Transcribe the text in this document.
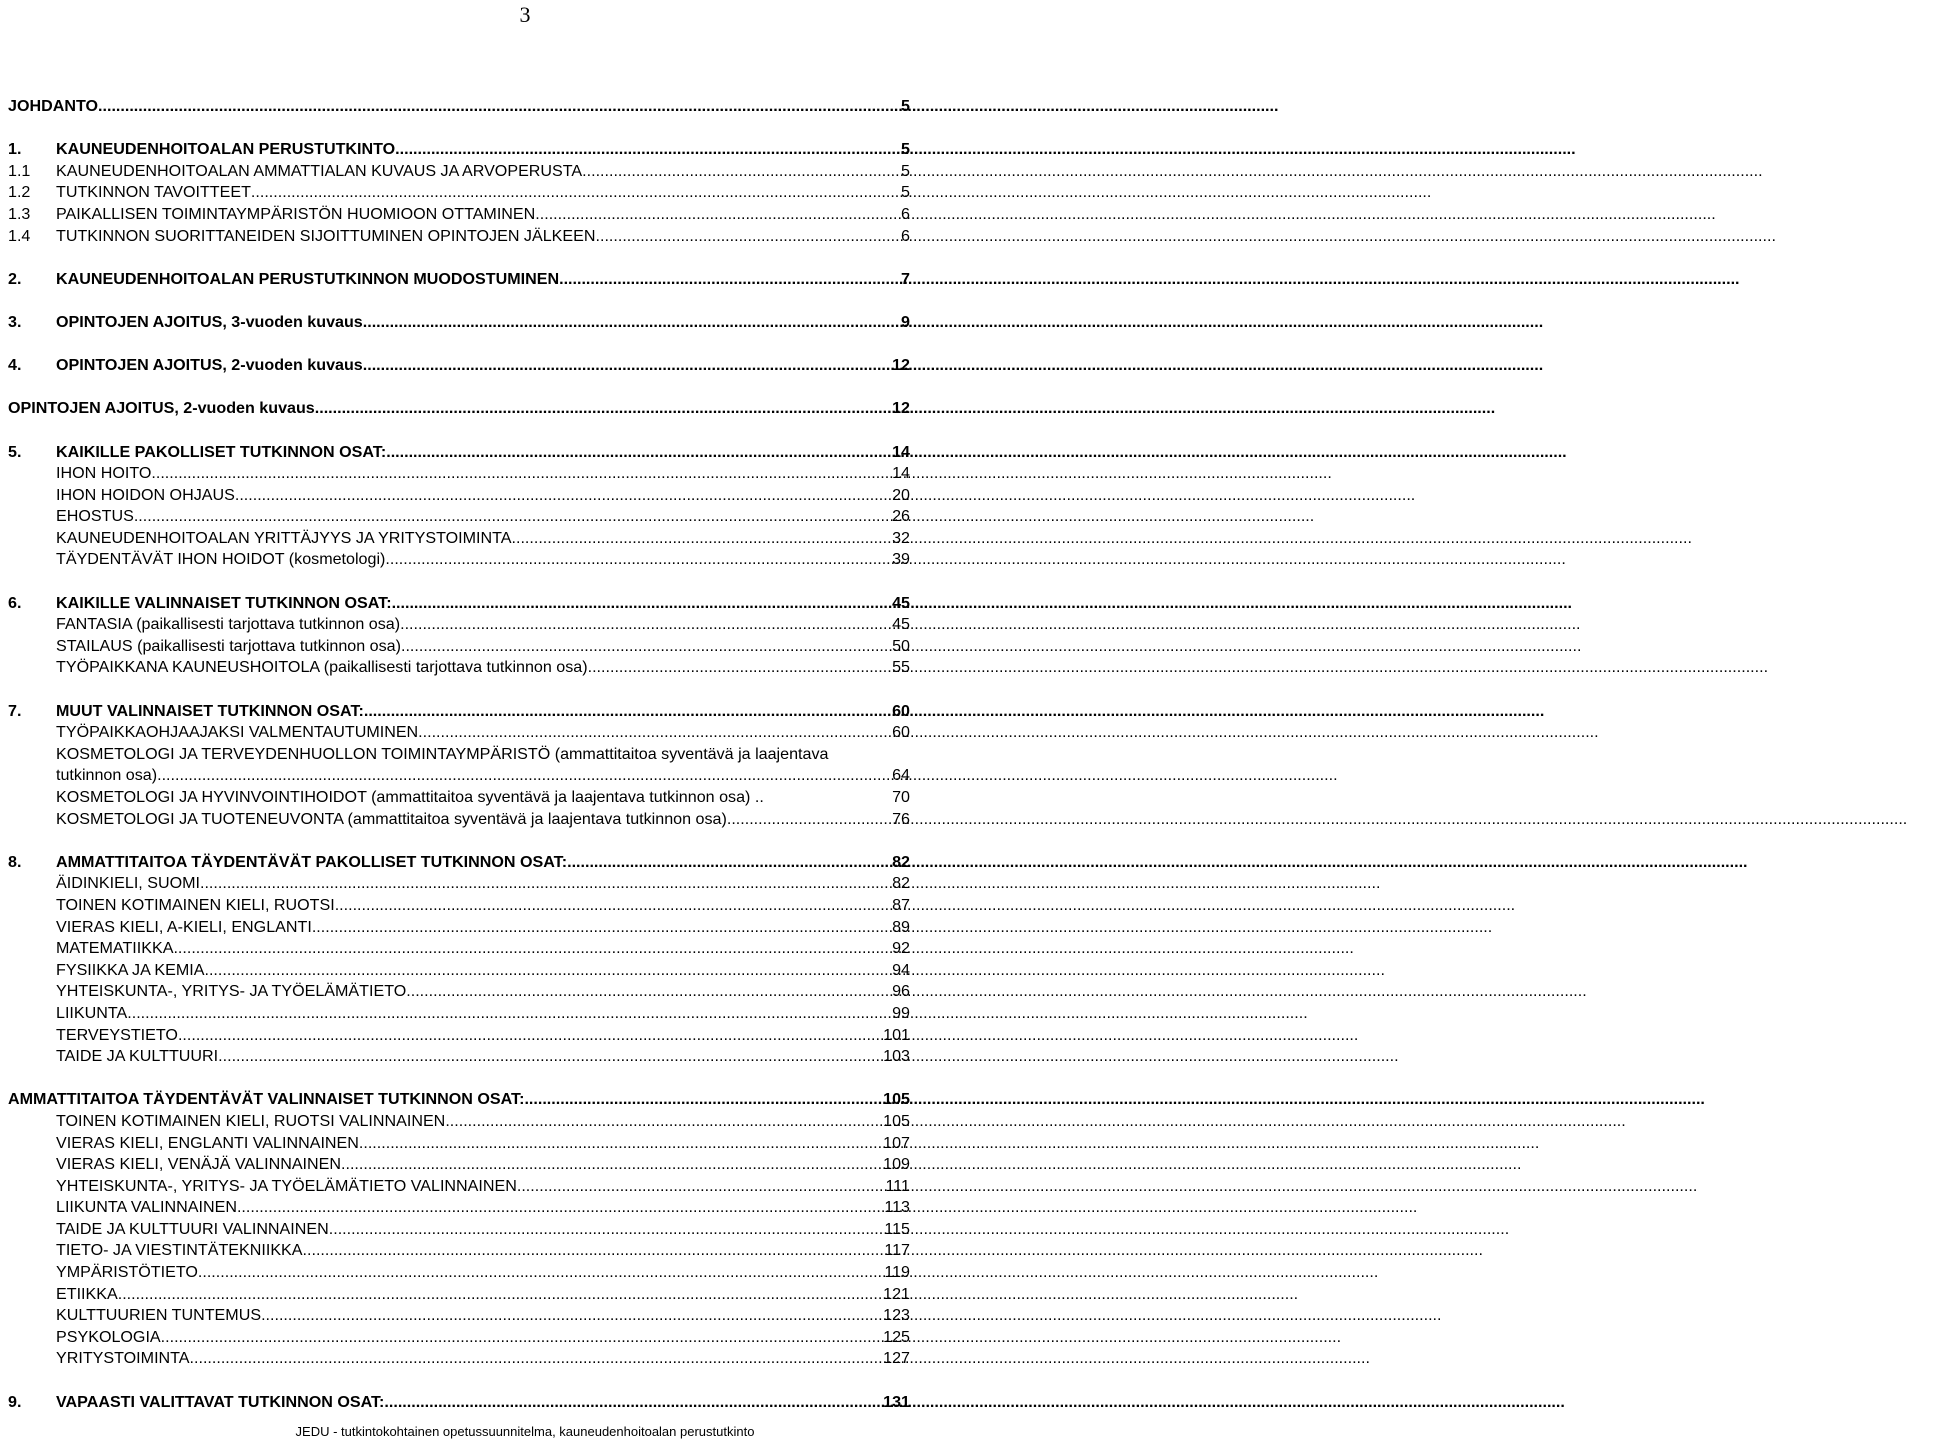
3
JOHDANTO .....	5
1.	KAUNEUDENHOITOALAN PERUSTUTKINTO .....	5
1.1	KAUNEUDENHOITOALAN AMMATTIALAN KUVAUS JA ARVOPERUSTA .....	5
1.2	TUTKINNON TAVOITTEET .....	5
1.3	PAIKALLISEN TOIMINTAYMPÄRISTÖN HUOMIOON OTTAMINEN .....	6
1.4	TUTKINNON SUORITTANEIDEN SIJOITTUMINEN OPINTOJEN JÄLKEEN .....	6
2.	KAUNEUDENHOITOALAN PERUSTUTKINNON MUODOSTUMINEN .....	7
3.	OPINTOJEN AJOITUS, 3-vuoden kuvaus .....	9
4.	OPINTOJEN AJOITUS, 2-vuoden kuvaus .....	12
OPINTOJEN AJOITUS, 2-vuoden kuvaus .....	12
5.	KAIKILLE PAKOLLISET TUTKINNON OSAT: .....	14
IHON HOITO .....	14
IHON HOIDON OHJAUS .....	20
EHOSTUS .....	26
KAUNEUDENHOITOALAN YRITTÄJYYS JA YRITYSTOIMINTA .....	32
TÄYDENTÄVÄT IHON HOIDOT (kosmetologi) .....	39
6.	KAIKILLE VALINNAISET TUTKINNON OSAT: .....	45
FANTASIA (paikallisesti tarjottava tutkinnon osa) .....	45
STAILAUS (paikallisesti tarjottava tutkinnon osa) .....	50
TYÖPAIKKANA KAUNEUSHOITOLA (paikallisesti tarjottava tutkinnon osa) .....	55
7.	MUUT VALINNAISET TUTKINNON OSAT: .....	60
TYÖPAIKKAOHJAAJAKSI VALMENTAUTUMINEN .....	60
KOSMETOLOGI JA TERVEYDENHUOLLON TOIMINTAYMPÄRISTÖ (ammattitaitoa syventävä ja laajentava
tutkinnon osa) .....	64
KOSMETOLOGI JA HYVINVOINTIHOIDOT (ammattitaitoa syventävä ja laajentava tutkinnon osa) ..	70
KOSMETOLOGI JA TUOTENEUVONTA (ammattitaitoa syventävä ja laajentava tutkinnon osa) .....	76
8.	AMMATTITAITOA TÄYDENTÄVÄT PAKOLLISET TUTKINNON OSAT: .....	82
ÄIDINKIELI, SUOMI .....	82
TOINEN KOTIMAINEN KIELI, RUOTSI .....	87
VIERAS KIELI, A-KIELI, ENGLANTI .....	89
MATEMATIIKKA .....	92
FYSIIKKA JA KEMIA .....	94
YHTEISKUNTA-, YRITYS- JA TYÖELÄMÄTIETO .....	96
LIIKUNTA .....	99
TERVEYSTIETO .....	101
TAIDE JA KULTTUURI .....	103
AMMATTITAITOA TÄYDENTÄVÄT VALINNAISET TUTKINNON OSAT: .....	105
TOINEN KOTIMAINEN KIELI, RUOTSI VALINNAINEN .....	105
VIERAS KIELI, ENGLANTI VALINNAINEN .....	107
VIERAS KIELI, VENÄJÄ VALINNAINEN .....	109
YHTEISKUNTA-, YRITYS- JA TYÖELÄMÄTIETO VALINNAINEN .....	111
LIIKUNTA VALINNAINEN .....	113
TAIDE JA KULTTUURI VALINNAINEN .....	115
TIETO- JA VIESTINTÄTEKNIIKKA .....	117
YMPÄRISTÖTIETO .....	119
ETIIKKA .....	121
KULTTUURIEN TUNTEMUS .....	123
PSYKOLOGIA .....	125
YRITYSTOIMINTA .....	127
9.	VAPAASTI VALITTAVAT TUTKINNON OSAT: .....	131
JEDU - tutkintokohtainen opetussuunnitelma, kauneudenhoitoalan perustutkinto
